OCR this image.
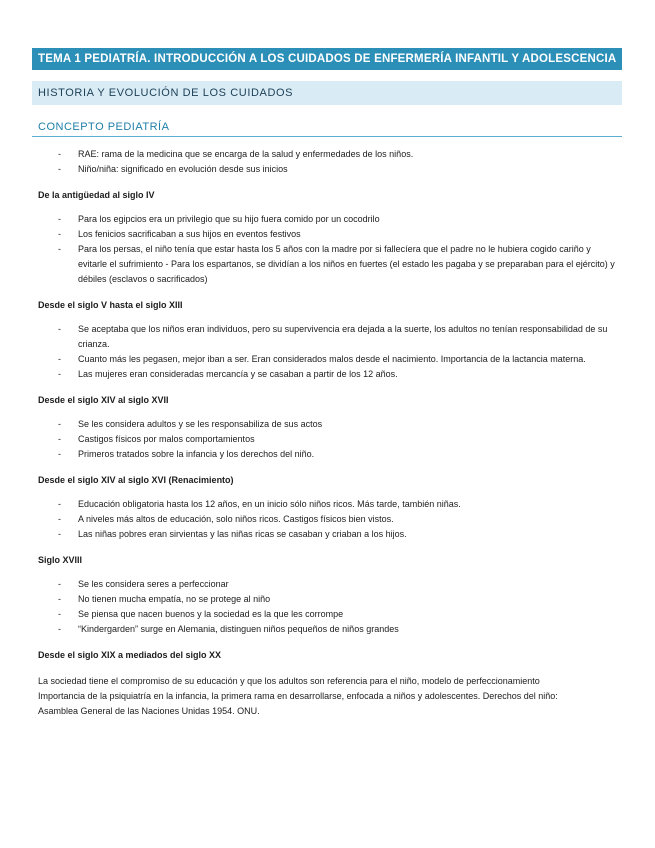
TEMA 1 PEDIATRÍA. INTRODUCCIÓN A LOS CUIDADOS DE ENFERMERÍA INFANTIL Y ADOLESCENCIA
HISTORIA Y EVOLUCIÓN DE LOS CUIDADOS
CONCEPTO PEDIATRÍA
- RAE: rama de la medicina que se encarga de la salud y enfermedades de los niños.
- Niño/niña: significado en evolución desde sus inicios
De la antigüedad al siglo IV
- Para los egipcios era un privilegio que su hijo fuera comido por un cocodrilo
- Los fenicios sacrificaban a sus hijos en eventos festivos
- Para los persas, el niño tenía que estar hasta los 5 años con la madre por si fallecíera que el padre no le hubiera cogido cariño y evitarle el sufrimiento - Para los espartanos, se dividían a los niños en fuertes (el estado les pagaba y se preparaban para el ejército) y débiles (esclavos o sacrificados)
Desde el siglo V hasta el siglo XIII
- Se aceptaba que los niños eran individuos, pero su supervivencia era dejada a la suerte, los adultos no tenían responsabilidad de su crianza.
- Cuanto más les pegasen, mejor iban a ser. Eran considerados malos desde el nacimiento. Importancia de la lactancia materna.
- Las mujeres eran consideradas mercancía y se casaban a partir de los 12 años.
Desde el siglo XIV al siglo XVII
- Se les considera adultos y se les responsabiliza de sus actos
- Castigos físicos por malos comportamientos
- Primeros tratados sobre la infancia y los derechos del niño.
Desde el siglo XIV al siglo XVI (Renacimiento)
- Educación obligatoria hasta los 12 años, en un inicio sólo niños ricos. Más tarde, también niñas.
- A niveles más altos de educación, solo niños ricos. Castigos físicos bien vistos.
- Las niñas pobres eran sirvientas y las niñas ricas se casaban y criaban a los hijos.
Siglo XVIII
- Se les considera seres a perfeccionar
- No tienen mucha empatía, no se protege al niño
- Se piensa que nacen buenos y la sociedad es la que les corrompe
- “Kindergarden” surge en Alemania, distinguen niños pequeños de niños grandes
Desde el siglo XIX a mediados del siglo XX
La sociedad tiene el compromiso de su educación y que los adultos son referencia para el niño, modelo de perfeccionamiento
Importancia de la psiquiatría en la infancia, la primera rama en desarrollarse, enfocada a niños y adolescentes. Derechos del niño:
Asamblea General de las Naciones Unidas 1954. ONU.
